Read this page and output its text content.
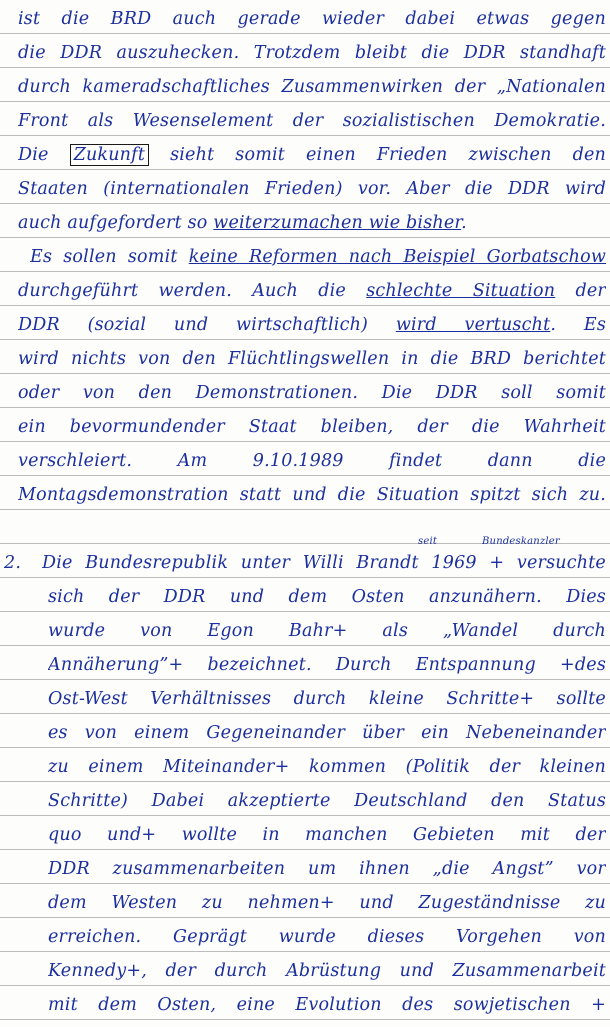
ist die BRD auch gerade wieder dabei etwas gegen
die DDR auszuhecken. Trotzdem bleibt die DDR standhaft
durch kameradschaftliches Zusammenwirken der „Nationalen
Front als Wesenselement der sozialistischen Demokratie.
Die Zukunft sieht somit einen Frieden zwischen den
Staaten (internationalen Frieden) vor. Aber die DDR wird
auch aufgefordert so weiterzumachen wie bisher.
Es sollen somit keine Reformen nach Beispiel Gorbatschow
durchgeführt werden. Auch die schlechte Situation der
DDR (sozial und wirtschaftlich) wird vertuscht. Es
wird nichts von den Flüchtlingswellen in die BRD berichtet
oder von den Demonstrationen. Die DDR soll somit
ein bevormundender Staat bleiben, der die Wahrheit
verschleiert. Am 9.10.1989 findet dann die
Montagsdemonstration statt und die Situation spitzt sich zu.
2.
seit	Bundeskanzler
Die Bundesrepublik unter Willi Brandt 1969 + versuchte
sich der DDR und dem Osten anzunähern. Dies
wurde von Egon Bahr+ als „Wandel durch
Annäherung”+ bezeichnet. Durch Entspannung +des
Ost-West Verhältnisses durch kleine Schritte+ sollte
es von einem Gegeneinander über ein Nebeneinander
zu einem Miteinander+ kommen (Politik der kleinen
Schritte) Dabei akzeptierte Deutschland den Status
quo und+ wollte in manchen Gebieten mit der
DDR zusammenarbeiten um ihnen „die Angst” vor
dem Westen zu nehmen+ und Zugeständnisse zu
erreichen. Geprägt wurde dieses Vorgehen von
Kennedy+, der durch Abrüstung und Zusammenarbeit
mit dem Osten, eine Evolution des sowjetischen +
